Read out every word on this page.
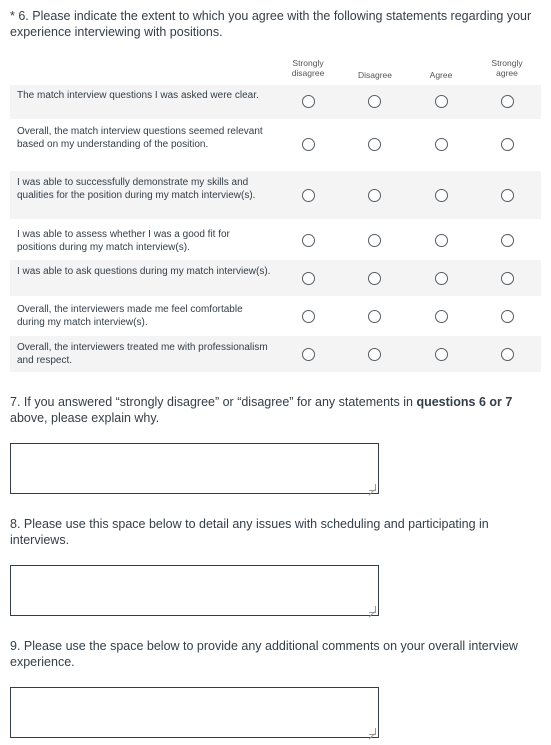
* 6. Please indicate the extent to which you agree with the following statements regarding your experience interviewing with positions.
Strongly disagree	Disagree	Agree
Strongly agree
The match interview questions I was asked were clear.
Overall, the match interview questions seemed relevant based on my understanding of the position.
I was able to successfully demonstrate my skills and qualities for the position during my match interview(s).
I was able to assess whether I was a good fit for positions during my match interview(s).
I was able to ask questions during my match interview(s).
Overall, the interviewers made me feel comfortable during my match interview(s).
Overall, the interviewers treated me with professionalism and respect.
7. If you answered “strongly disagree” or “disagree” for any statements in questions 6 or 7 above, please explain why.
8. Please use this space below to detail any issues with scheduling and participating in interviews.
9. Please use the space below to provide any additional comments on your overall interview experience.
